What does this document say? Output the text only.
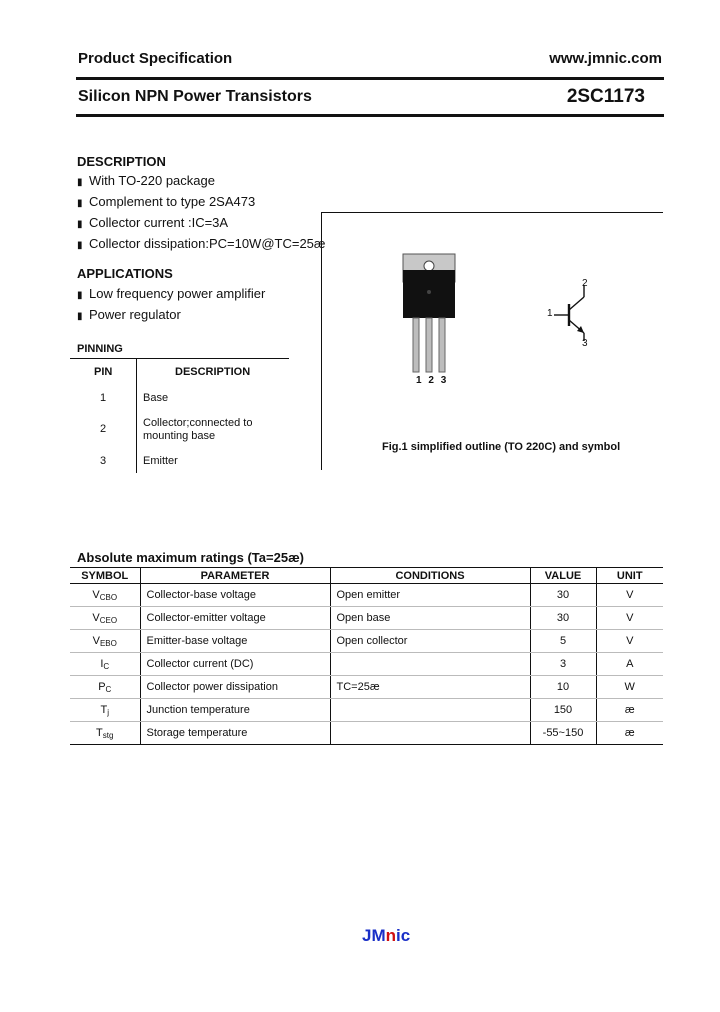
Product Specification	www.jmnic.com
Silicon NPN Power Transistors	2SC1173
DESCRIPTION
▮ With TO-220 package
▮ Complement to type 2SA473
▮ Collector current :IC=3A
▮ Collector dissipation:PC=10W@TC=25æ
APPLICATIONS
▮ Low frequency power amplifier
▮ Power regulator
PINNING
PIN	DESCRIPTION
1	Base
2	Collector;connected to mounting base
3	Emitter
1 2 3
1
2
3
Fig.1 simplified outline (TO 220C) and symbol
Absolute maximum ratings (Ta=25æ)
SYMBOL	PARAMETER	CONDITIONS	VALUE	UNIT
$V_{CBO}$	Collector-base voltage	Open emitter	30	V
$V_{CEO}$	Collector-emitter voltage	Open base	30	V
$V_{EBO}$	Emitter-base voltage	Open collector	5	V
$I_C$	Collector current (DC)		3	A
$P_C$	Collector power dissipation	TC=25æ	10	W
$T_j$	Junction temperature		150	æ
$T_{stg}$	Storage temperature		-55~150	æ
JMnic
